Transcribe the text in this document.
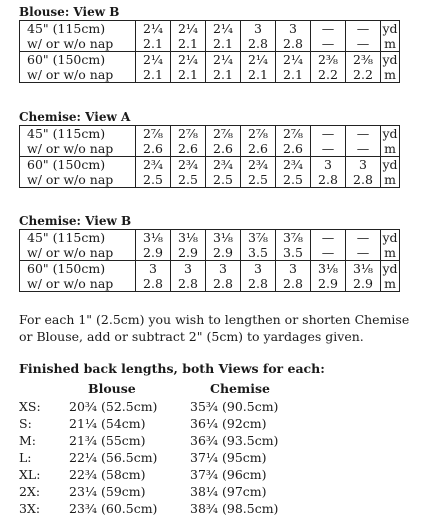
Blouse: View B
45" (115cm)	2¼	2¼	2¼	3	3	—	—	yd
w/ or w/o nap	2.1	2.1	2.1	2.8	2.8	—	—	m
60" (150cm)	2¼	2¼	2¼	2¼	2¼	2⅜	2⅜	yd
w/ or w/o nap	2.1	2.1	2.1	2.1	2.1	2.2	2.2	m
Chemise: View A
45" (115cm)	2⅞	2⅞	2⅞	2⅞	2⅞	—	—	yd
w/ or w/o nap	2.6	2.6	2.6	2.6	2.6	—	—	m
60" (150cm)	2¾	2¾	2¾	2¾	2¾	3	3	yd
w/ or w/o nap	2.5	2.5	2.5	2.5	2.5	2.8	2.8	m
Chemise: View B
45" (115cm)	3⅛	3⅛	3⅛	3⅞	3⅞	—	—	yd
w/ or w/o nap	2.9	2.9	2.9	3.5	3.5	—	—	m
60" (150cm)	3	3	3	3	3	3⅛	3⅛	yd
w/ or w/o nap	2.8	2.8	2.8	2.8	2.8	2.9	2.9	m
For each 1" (2.5cm) you wish to lengthen or shorten Chemise or Blouse, add or subtract 2" (5cm) to yardages given.
Finished back lengths, both Views for each:
Blouse	Chemise
XS: 20¾ (52.5cm)	35¾ (90.5cm)
S:	21¼ (54cm)	36¼ (92cm)
M:	21¾ (55cm)	36¾ (93.5cm)
L:	22¼ (56.5cm)	37¼ (95cm)
XL: 22¾ (58cm)	37¾ (96cm)
2X: 23¼ (59cm)	38¼ (97cm)
3X: 23¾ (60.5cm)	38¾ (98.5cm)
